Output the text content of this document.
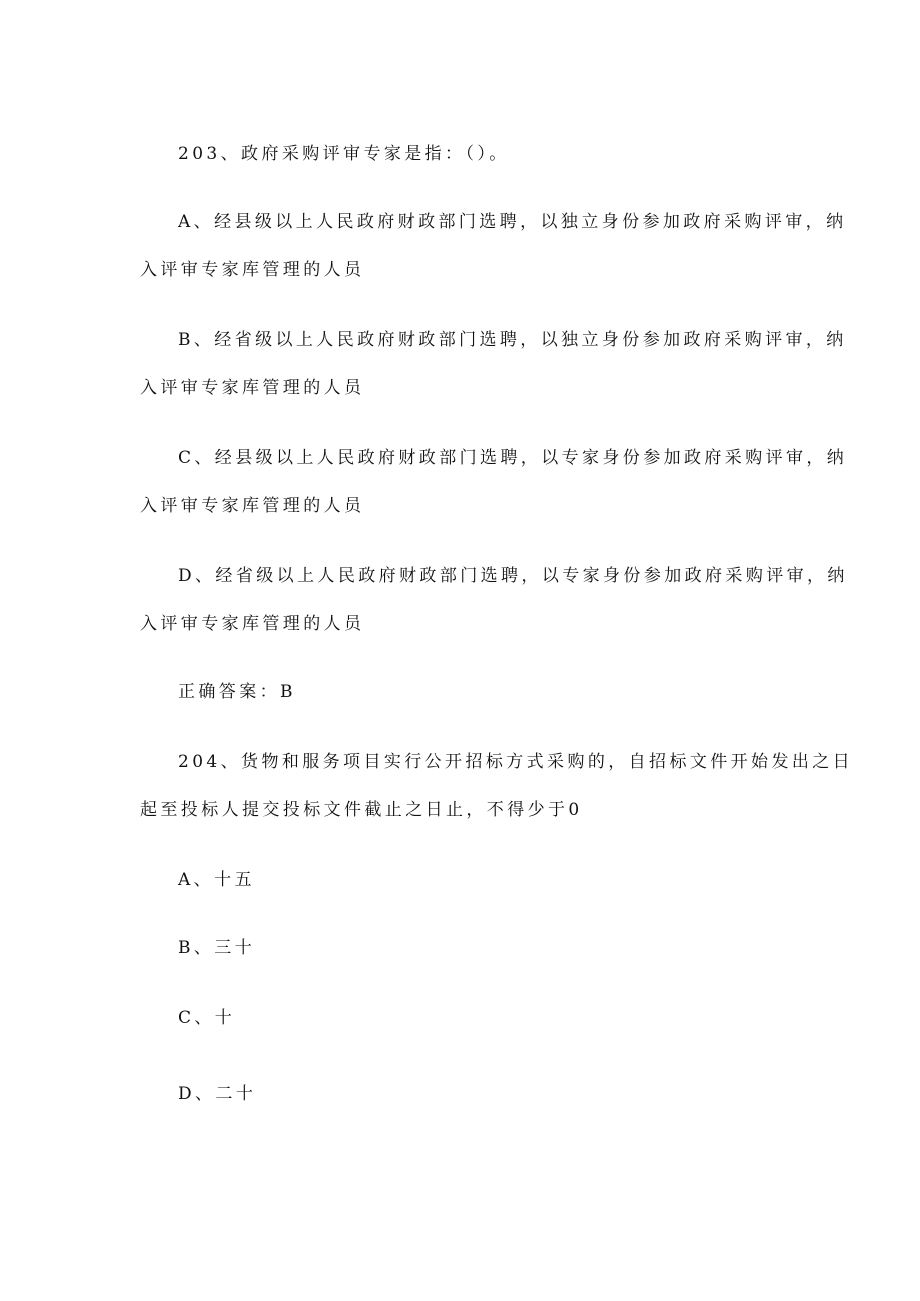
203、政府采购评审专家是指：（）。
A、经县级以上人民政府财政部门选聘，以独立身份参加政府采购评审，纳
入评审专家库管理的人员
B、经省级以上人民政府财政部门选聘，以独立身份参加政府采购评审，纳
入评审专家库管理的人员
C、经县级以上人民政府财政部门选聘，以专家身份参加政府采购评审，纳
入评审专家库管理的人员
D、经省级以上人民政府财政部门选聘，以专家身份参加政府采购评审，纳
入评审专家库管理的人员
正确答案：B
204、货物和服务项目实行公开招标方式采购的，自招标文件开始发出之日
起至投标人提交投标文件截止之日止，不得少于0
A、十五
B、三十
C、十
D、二十
